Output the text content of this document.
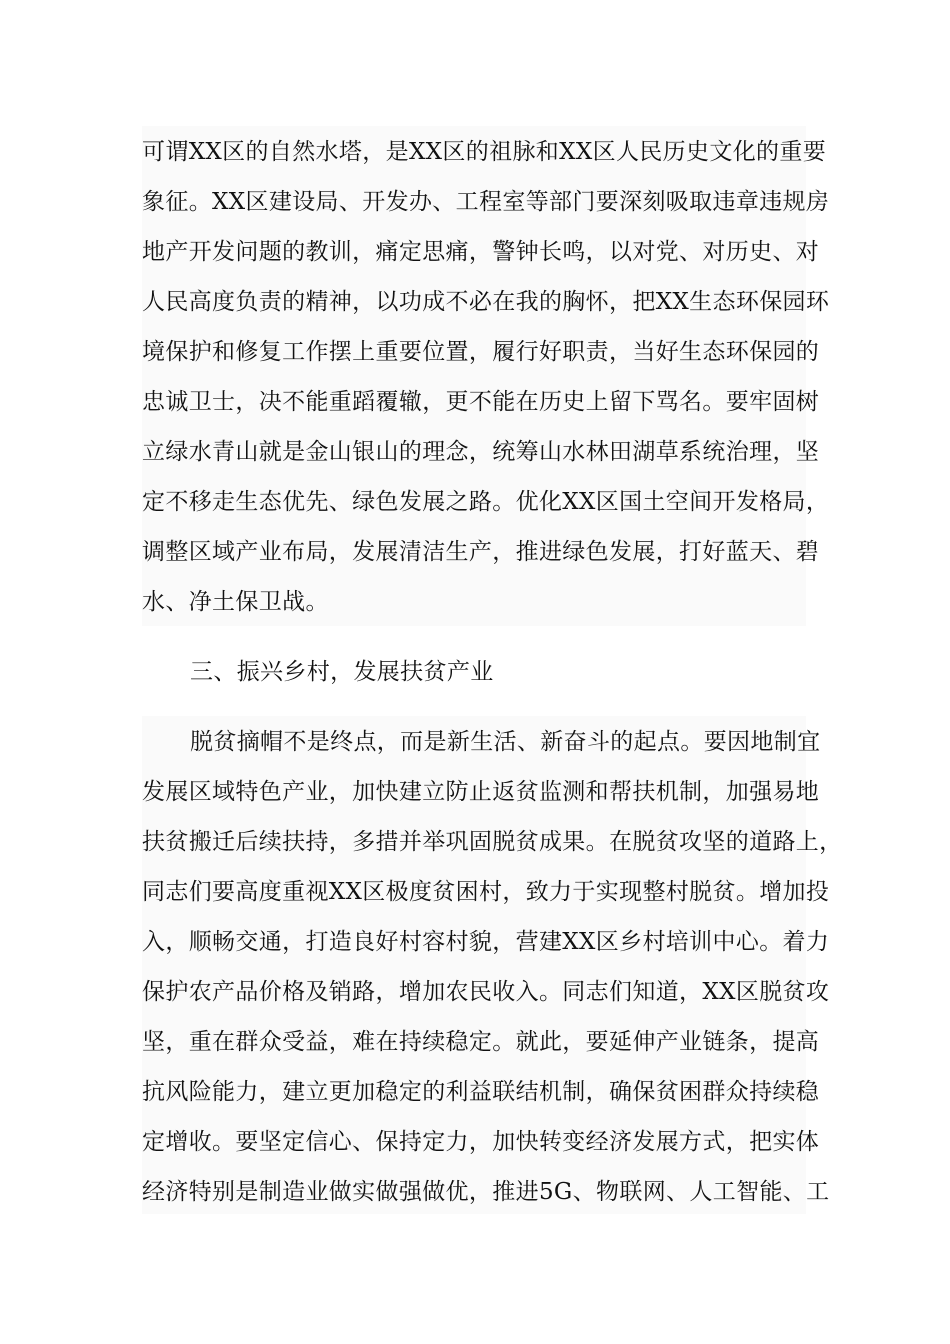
可谓XX区的自然水塔，是XX区的祖脉和XX区人民历史文化的重要
象征。XX区建设局、开发办、工程室等部门要深刻吸取违章违规房
地产开发问题的教训，痛定思痛，警钟长鸣，以对党、对历史、对
人民高度负责的精神，以功成不必在我的胸怀，把XX生态环保园环
境保护和修复工作摆上重要位置，履行好职责，当好生态环保园的
忠诚卫士，决不能重蹈覆辙，更不能在历史上留下骂名。要牢固树
立绿水青山就是金山银山的理念，统筹山水林田湖草系统治理，坚
定不移走生态优先、绿色发展之路。优化XX区国土空间开发格局，
调整区域产业布局，发展清洁生产，推进绿色发展，打好蓝天、碧
水、净土保卫战。
三、振兴乡村，发展扶贫产业
脱贫摘帽不是终点，而是新生活、新奋斗的起点。要因地制宜
发展区域特色产业，加快建立防止返贫监测和帮扶机制，加强易地
扶贫搬迁后续扶持，多措并举巩固脱贫成果。在脱贫攻坚的道路上，
同志们要高度重视XX区极度贫困村，致力于实现整村脱贫。增加投
入，顺畅交通，打造良好村容村貌，营建XX区乡村培训中心。着力
保护农产品价格及销路，增加农民收入。同志们知道，XX区脱贫攻
坚，重在群众受益，难在持续稳定。就此，要延伸产业链条，提高
抗风险能力，建立更加稳定的利益联结机制，确保贫困群众持续稳
定增收。要坚定信心、保持定力，加快转变经济发展方式，把实体
经济特别是制造业做实做强做优，推进5G、物联网、人工智能、工
